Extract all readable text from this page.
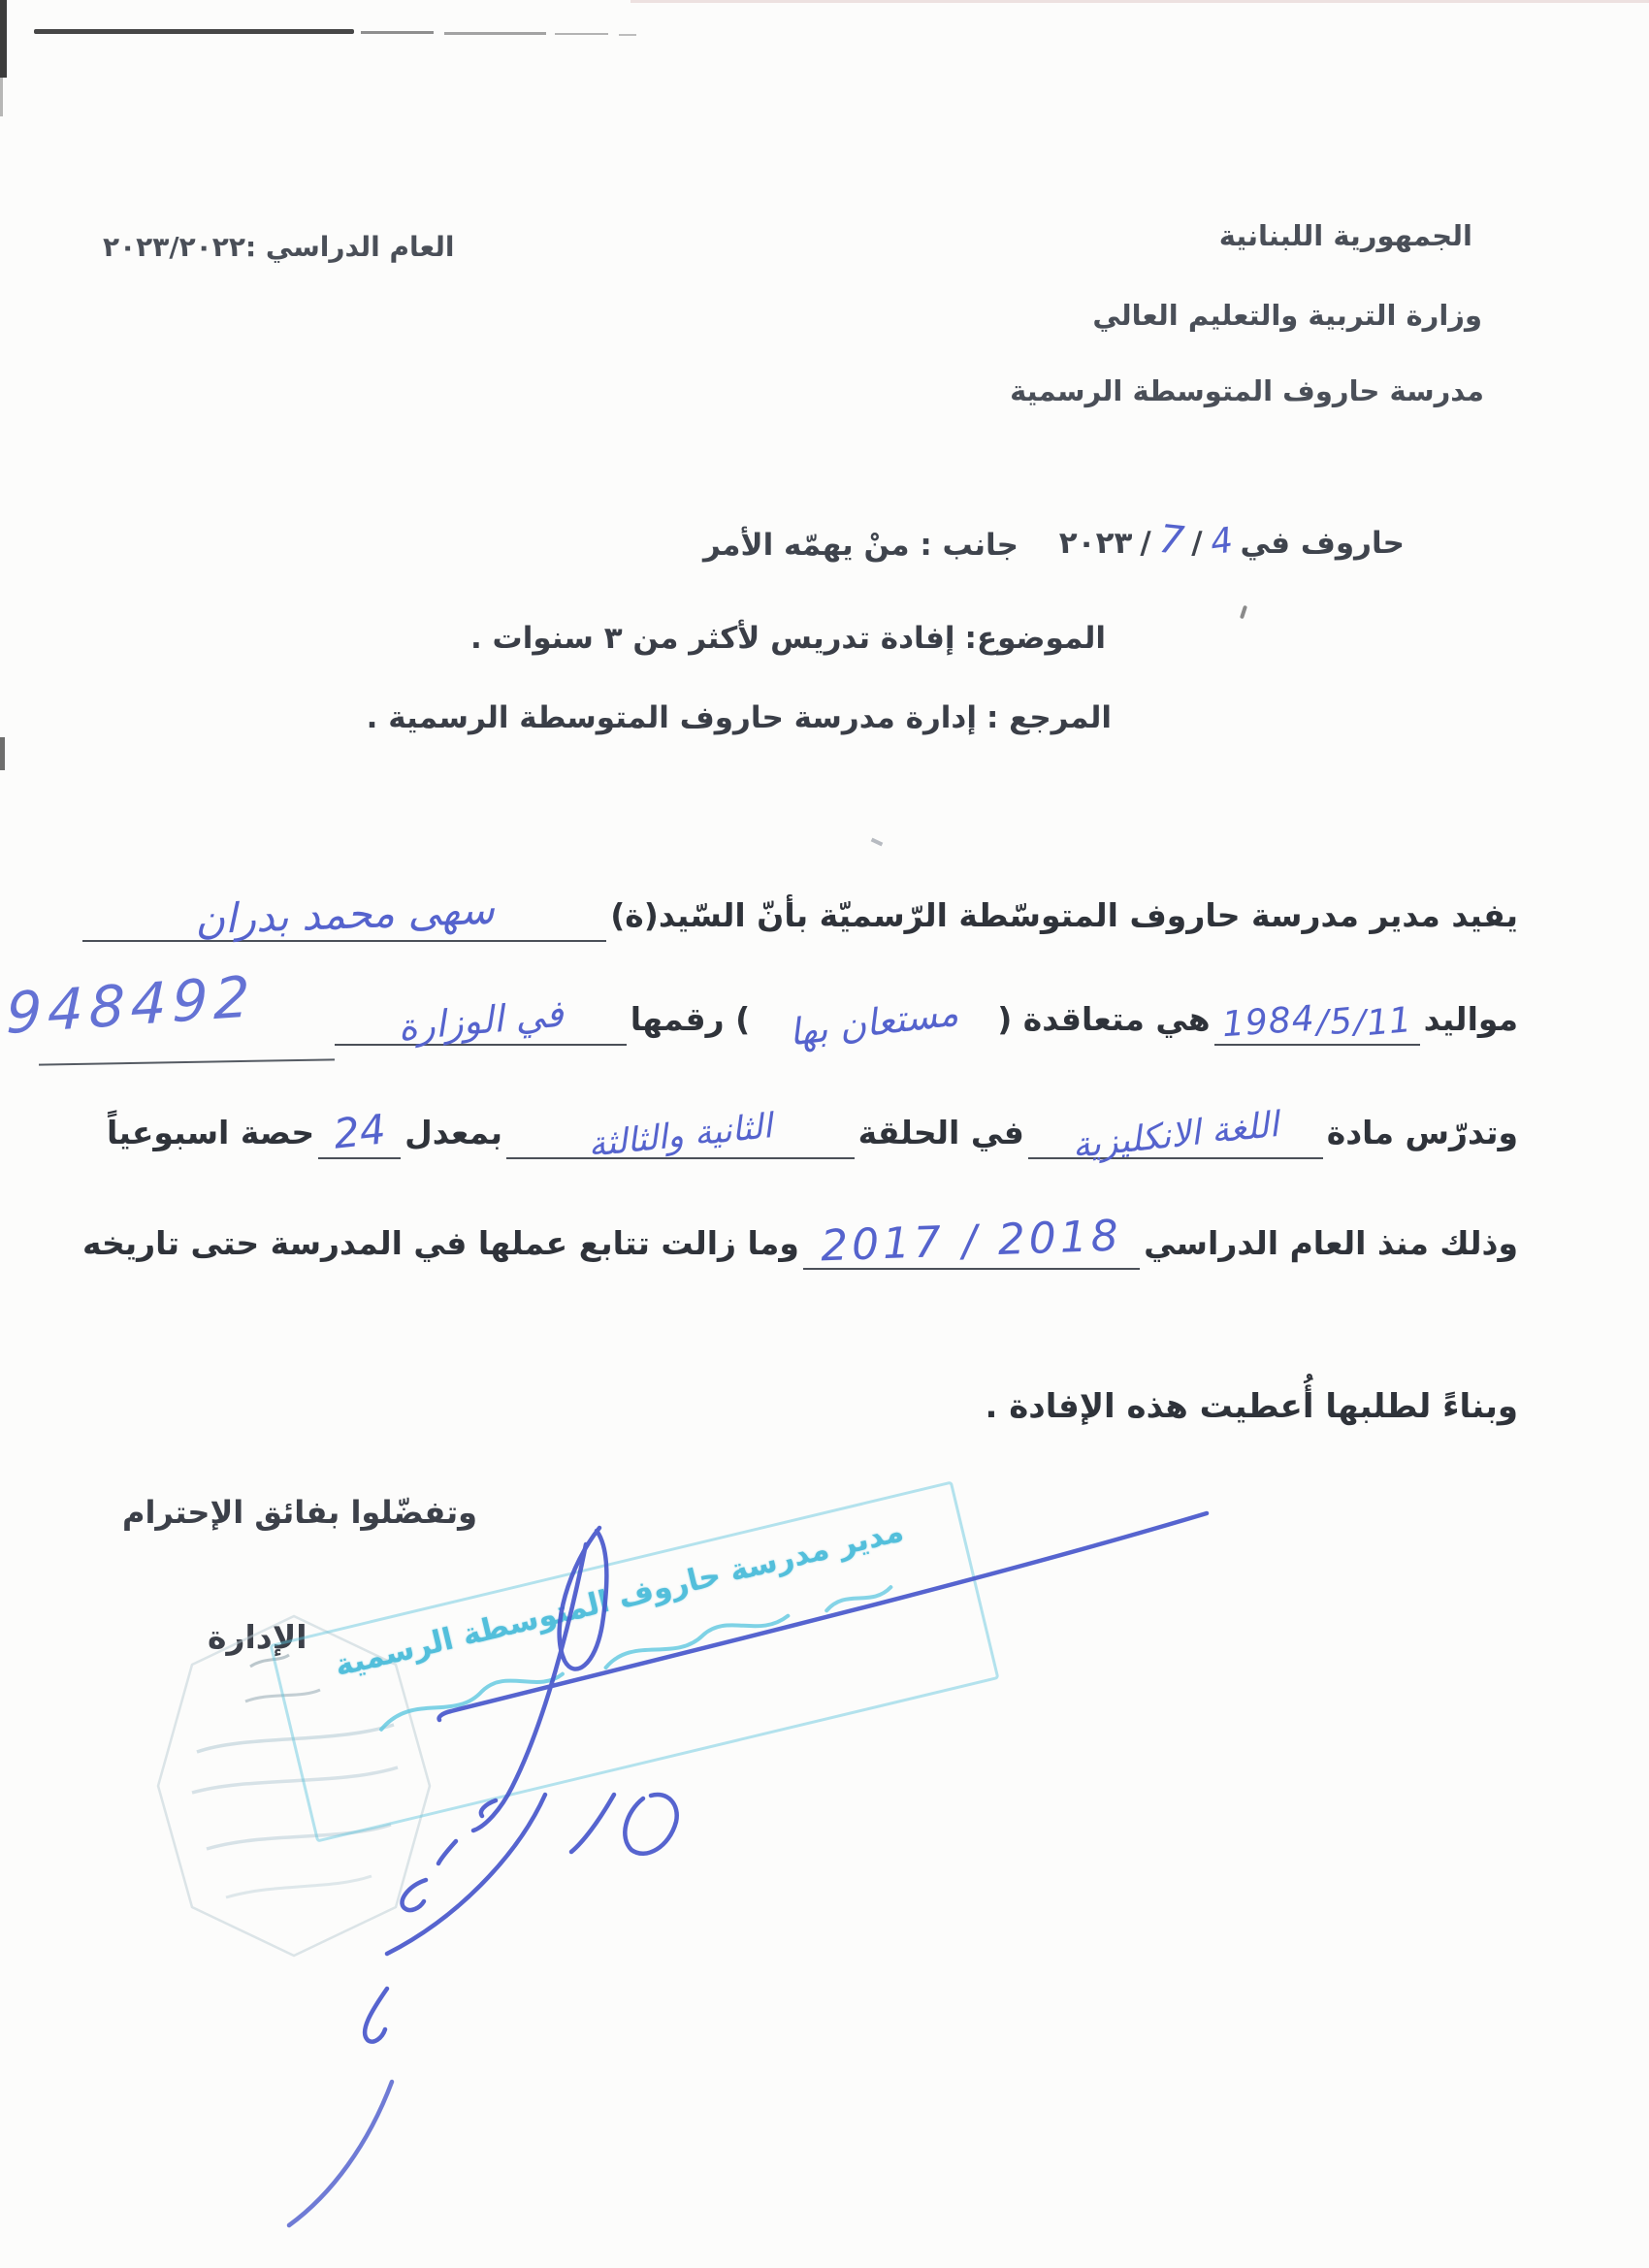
الجمهورية اللبنانية
وزارة التربية والتعليم العالي
مدرسة حاروف المتوسطة الرسمية
العام الدراسي :٢٠٢٣/٢٠٢٢
حاروف في
4
/
7
/
٢٠٢٣
جانب : منْ يهمّه الأمر
الموضوع:
إفادة تدريس لأكثر من ٣ سنوات .
المرجع :
إدارة مدرسة حاروف المتوسطة الرسمية .
يفيد مدير مدرسة حاروف المتوسّطة الرّسميّة بأنّ السّيد(ة)
سهى محمد بدران
مواليد
11
/
5
/
1984
هي متعاقدة (
مستعان بها
) رقمها
في الوزارة
948492
وتدرّس مادة
اللغة الانكليزية
في الحلقة
الثانية والثالثة
بمعدل
24
حصة اسبوعياً
وذلك منذ العام الدراسي
2017 / 2018
وما زالت تتابع عملها في المدرسة حتى تاريخه
وبناءً لطلبها أُعطيت هذه الإفادة .
وتفضّلوا بفائق الإحترام
الإدارة مدير مدرسة حاروف المتوسطة الرسمية
